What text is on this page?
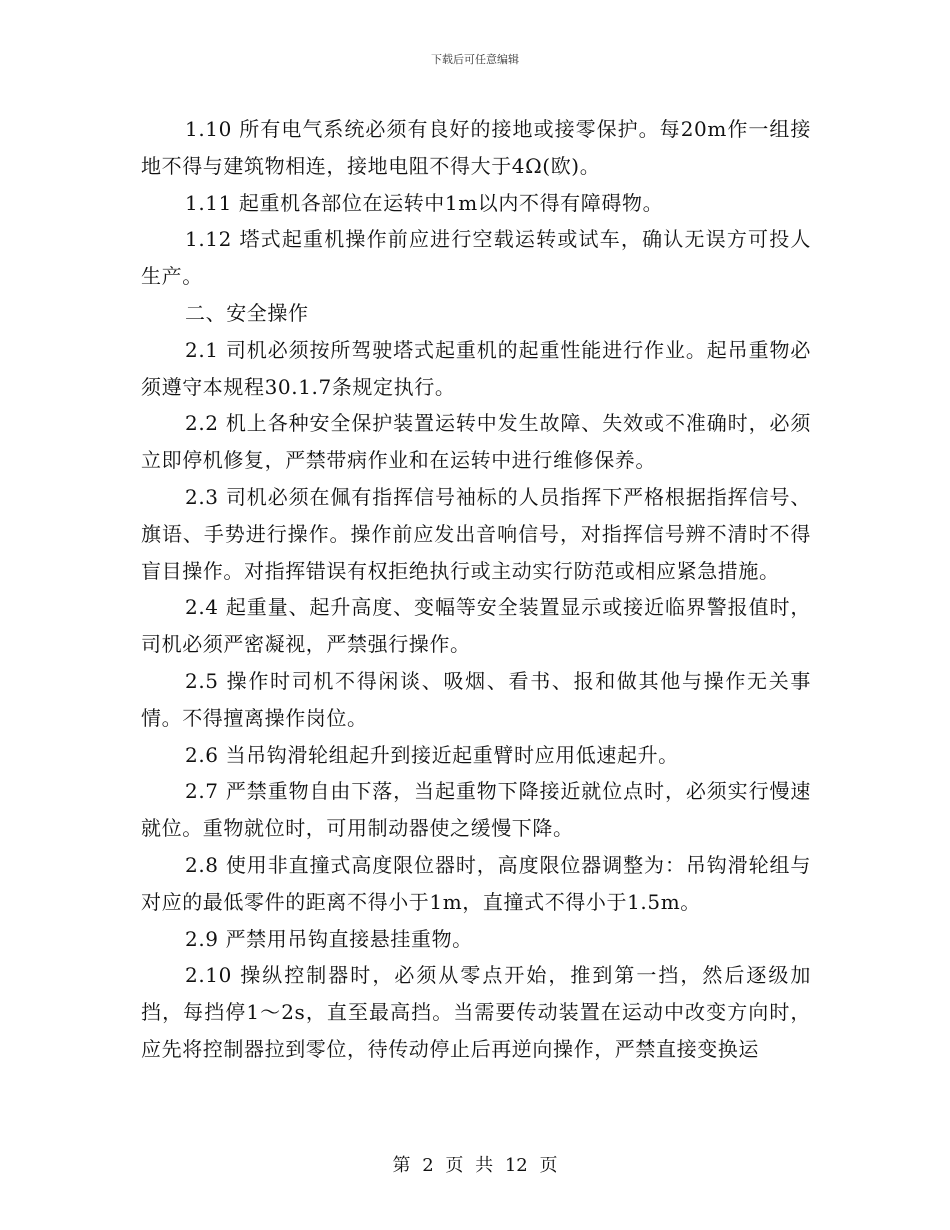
下载后可任意编辑

1.10 所有电气系统必须有良好的接地或接零保护。每20m作一组接地不得与建筑物相连，接地电阻不得大于4Ω(欧)。

1.11 起重机各部位在运转中1m以内不得有障碍物。

1.12 塔式起重机操作前应进行空载运转或试车，确认无误方可投人生产。

二、安全操作

2.1 司机必须按所驾驶塔式起重机的起重性能进行作业。起吊重物必须遵守本规程30.1.7条规定执行。

2.2 机上各种安全保护装置运转中发生故障、失效或不准确时，必须立即停机修复，严禁带病作业和在运转中进行维修保养。

2.3 司机必须在佩有指挥信号袖标的人员指挥下严格根据指挥信号、旗语、手势进行操作。操作前应发出音响信号，对指挥信号辨不清时不得盲目操作。对指挥错误有权拒绝执行或主动实行防范或相应紧急措施。

2.4 起重量、起升高度、变幅等安全装置显示或接近临界警报值时，司机必须严密凝视，严禁强行操作。

2.5 操作时司机不得闲谈、吸烟、看书、报和做其他与操作无关事情。不得擅离操作岗位。

2.6 当吊钩滑轮组起升到接近起重臂时应用低速起升。

2.7 严禁重物自由下落，当起重物下降接近就位点时，必须实行慢速就位。重物就位时，可用制动器使之缓慢下降。

2.8 使用非直撞式高度限位器时，高度限位器调整为：吊钩滑轮组与对应的最低零件的距离不得小于1m，直撞式不得小于1.5m。

2.9 严禁用吊钩直接悬挂重物。

2.10 操纵控制器时，必须从零点开始，推到第一挡，然后逐级加挡，每挡停1～2s，直至最高挡。当需要传动装置在运动中改变方向时，应先将控制器拉到零位，待传动停止后再逆向操作，严禁直接变换运

第 2 页 共 12 页
